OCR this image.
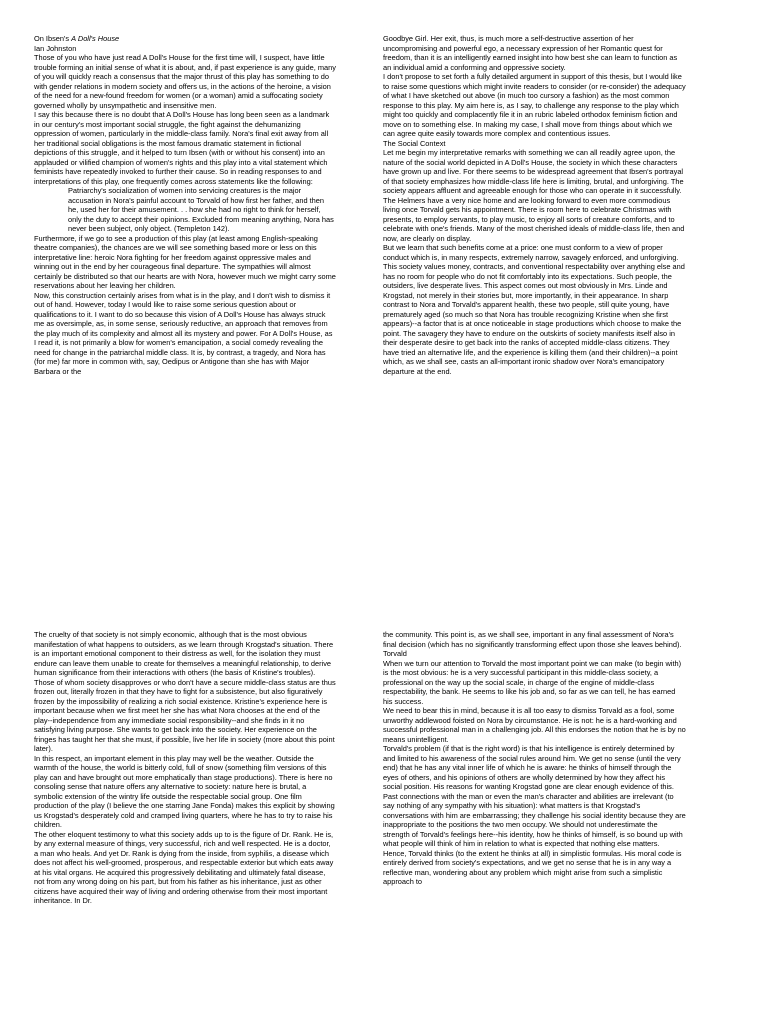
On Ibsen's A Doll's House

Ian Johnston

Those of you who have just read A Doll's House for the first time will, I suspect, have little trouble forming an initial sense of what it is about, and, if past experience is any guide, many of you will quickly reach a consensus that the major thrust of this play has something to do with gender relations in modern society and offers us, in the actions of the heroine, a vision of the need for a new-found freedom for women (or a woman) amid a suffocating society governed wholly by unsympathetic and insensitive men.

I say this because there is no doubt that A Doll's House has long been seen as a landmark in our century's most important social struggle, the fight against the dehumanizing oppression of women, particularly in the middle-class family. Nora's final exit away from all her traditional social obligations is the most famous dramatic statement in fictional depictions of this struggle, and it helped to turn Ibsen (with or without his consent) into an applauded or vilified champion of women's rights and this play into a vital statement which feminists have repeatedly invoked to further their cause. So in reading responses to and interpretations of this play, one frequently comes across statements like the following:

Patriarchy's socialization of women into servicing creatures is the major accusation in Nora's painful account to Torvald of how first her father, and then he, used her for their amusement. . . how she had no right to think for herself, only the duty to accept their opinions. Excluded from meaning anything, Nora has never been subject, only object. (Templeton 142).

Furthermore, if we go to see a production of this play (at least among English-speaking theatre companies), the chances are we will see something based more or less on this interpretative line: heroic Nora fighting for her freedom against oppressive males and winning out in the end by her courageous final departure. The sympathies will almost certainly be distributed so that our hearts are with Nora, however much we might carry some reservations about her leaving her children.

Now, this construction certainly arises from what is in the play, and I don't wish to dismiss it out of hand. However, today I would like to raise some serious question about or qualifications to it. I want to do so because this vision of A Doll's House has always struck me as oversimple, as, in some sense, seriously reductive, an approach that removes from the play much of its complexity and almost all its mystery and power. For A Doll's House, as I read it, is not primarily a blow for women's emancipation, a social comedy revealing the need for change in the patriarchal middle class. It is, by contrast, a tragedy, and Nora has (for me) far more in common with, say, Oedipus or Antigone than she has with Major Barbara or the

Goodbye Girl. Her exit, thus, is much more a self-destructive assertion of her uncompromising and powerful ego, a necessary expression of her Romantic quest for freedom, than it is an intelligently earned insight into how best she can learn to function as an individual amid a conforming and oppressive society.

I don't propose to set forth a fully detailed argument in support of this thesis, but I would like to raise some questions which might invite readers to consider (or re-consider) the adequacy of what I have sketched out above (in much too cursory a fashion) as the most common response to this play. My aim here is, as I say, to challenge any response to the play which might too quickly and complacently file it in an rubric labeled orthodox feminism fiction and move on to something else. In making my case, I shall move from things about which we can agree quite easily towards more complex and contentious issues.

The Social Context

Let me begin my interpretative remarks with something we can all readily agree upon, the nature of the social world depicted in A Doll's House, the society in which these characters have grown up and live. For there seems to be widespread agreement that Ibsen's portrayal of that society emphasizes how middle-class life here is limiting, brutal, and unforgiving. The society appears affluent and agreeable enough for those who can operate in it successfully. The Helmers have a very nice home and are looking forward to even more commodious living once Torvald gets his appointment. There is room here to celebrate Christmas with presents, to employ servants, to play music, to enjoy all sorts of creature comforts, and to celebrate with one's friends. Many of the most cherished ideals of middle-class life, then and now, are clearly on display.

But we learn that such benefits come at a price: one must conform to a view of proper conduct which is, in many respects, extremely narrow, savagely enforced, and unforgiving. This society values money, contracts, and conventional respectability over anything else and has no room for people who do not fit comfortably into its expectations. Such people, the outsiders, live desperate lives. This aspect comes out most obviously in Mrs. Linde and Krogstad, not merely in their stories but, more importantly, in their appearance. In sharp contrast to Nora and Torvald's apparent health, these two people, still quite young, have prematurely aged (so much so that Nora has trouble recognizing Kristine when she first appears)--a factor that is at once noticeable in stage productions which choose to make the point. The savagery they have to endure on the outskirts of society manifests itself also in their desperate desire to get back into the ranks of accepted middle-class citizens. They have tried an alternative life, and the experience is killing them (and their children)--a point which, as we shall see, casts an all-important ironic shadow over Nora's emancipatory departure at the end.

The cruelty of that society is not simply economic, although that is the most obvious manifestation of what happens to outsiders, as we learn through Krogstad's situation. There is an important emotional component to their distress as well, for the isolation they must endure can leave them unable to create for themselves a meaningful relationship, to derive human significance from their interactions with others (the basis of Kristine's troubles). Those of whom society disapproves or who don't have a secure middle-class status are thus frozen out, literally frozen in that they have to fight for a subsistence, but also figuratively frozen by the impossibility of realizing a rich social existence. Kristine's experience here is important because when we first meet her she has what Nora chooses at the end of the play--independence from any immediate social responsibility--and she finds in it no satisfying living purpose. She wants to get back into the society. Her experience on the fringes has taught her that she must, if possible, live her life in society (more about this point later).

In this respect, an important element in this play may well be the weather. Outside the warmth of the house, the world is bitterly cold, full of snow (something film versions of this play can and have brought out more emphatically than stage productions). There is here no consoling sense that nature offers any alternative to society: nature here is brutal, a symbolic extension of the wintry life outside the respectable social group. One film production of the play (I believe the one starring Jane Fonda) makes this explicit by showing us Krogstad's desperately cold and cramped living quarters, where he has to try to raise his children.

The other eloquent testimony to what this society adds up to is the figure of Dr. Rank. He is, by any external measure of things, very successful, rich and well respected. He is a doctor, a man who heals. And yet Dr. Rank is dying from the inside, from syphilis, a disease which does not affect his well-groomed, prosperous, and respectable exterior but which eats away at his vital organs. He acquired this progressively debilitating and ultimately fatal disease, not from any wrong doing on his part, but from his father as his inheritance, just as other citizens have acquired their way of living and ordering otherwise from their most important inheritance. In Dr.

the community. This point is, as we shall see, important in any final assessment of Nora's final decision (which has no significantly transforming effect upon those she leaves behind).

Torvald

When we turn our attention to Torvald the most important point we can make (to begin with) is the most obvious: he is a very successful participant in this middle-class society, a professional on the way up the social scale, in charge of the engine of middle-class respectability, the bank. He seems to like his job and, so far as we can tell, he has earned his success.

We need to bear this in mind, because it is all too easy to dismiss Torvald as a fool, some unworthy addlewood foisted on Nora by circumstance. He is not: he is a hard-working and successful professional man in a challenging job. All this endorses the notion that he is by no means unintelligent.

Torvald's problem (if that is the right word) is that his intelligence is entirely determined by and limited to his awareness of the social rules around him. We get no sense (until the very end) that he has any vital inner life of which he is aware: he thinks of himself through the eyes of others, and his opinions of others are wholly determined by how they affect his social position. His reasons for wanting Krogstad gone are clear enough evidence of this. Past connections with the man or even the man's character and abilities are irrelevant (to say nothing of any sympathy with his situation): what matters is that Krogstad's conversations with him are embarrassing; they challenge his social identity because they are inappropriate to the positions the two men occupy. We should not underestimate the strength of Torvald's feelings here--his identity, how he thinks of himself, is so bound up with what people will think of him in relation to what is expected that nothing else matters.

Hence, Torvald thinks (to the extent he thinks at all) in simplistic formulas. His moral code is entirely derived from society's expectations, and we get no sense that he is in any way a reflective man, wondering about any problem which might arise from such a simplistic approach to
